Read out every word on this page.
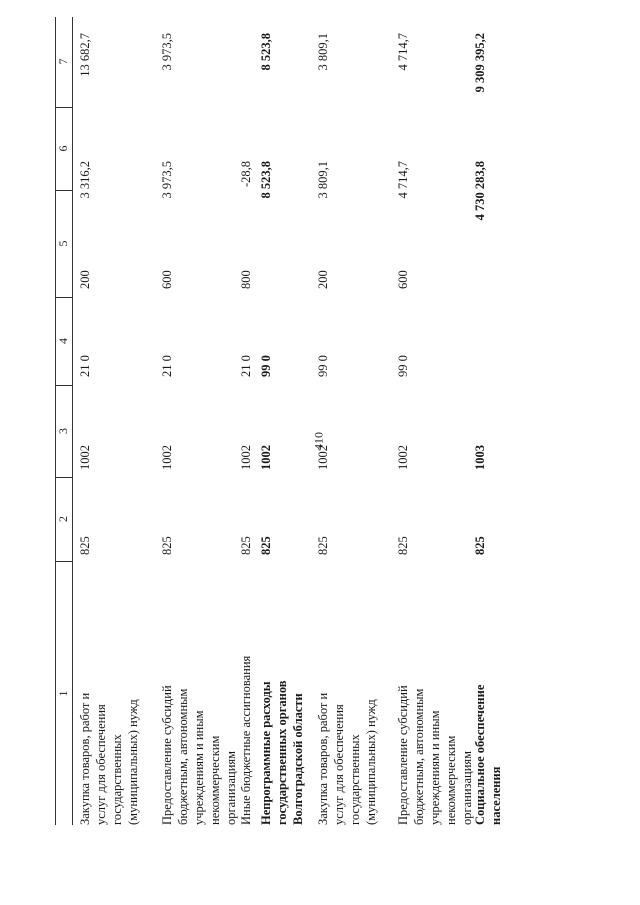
410
1
2
3
4
5
6
7
Закупка товаров, работ и услуг для обеспечения государственных (муниципальных) нужд
825
1002
21 0
200
3 316,2
13 682,7
Предоставление субсидий бюджетным, автономным учреждениям и иным некоммерческим организациям
825
1002
21 0
600
3 973,5
3 973,5
Иные бюджетные ассигнования
825
1002
21 0
800
-28,8
Непрограммные расходы государственных органов Волгоградской области
825
1002
99 0
8 523,8
8 523,8
Закупка товаров, работ и услуг для обеспечения государственных (муниципальных) нужд
825
1002
99 0
200
3 809,1
3 809,1
Предоставление субсидий бюджетным, автономным учреждениям и иным некоммерческим организациям
825
1002
99 0
600
4 714,7
4 714,7
Социальное обеспечение населения
825
1003
4 730 283,8
9 309 395,2
